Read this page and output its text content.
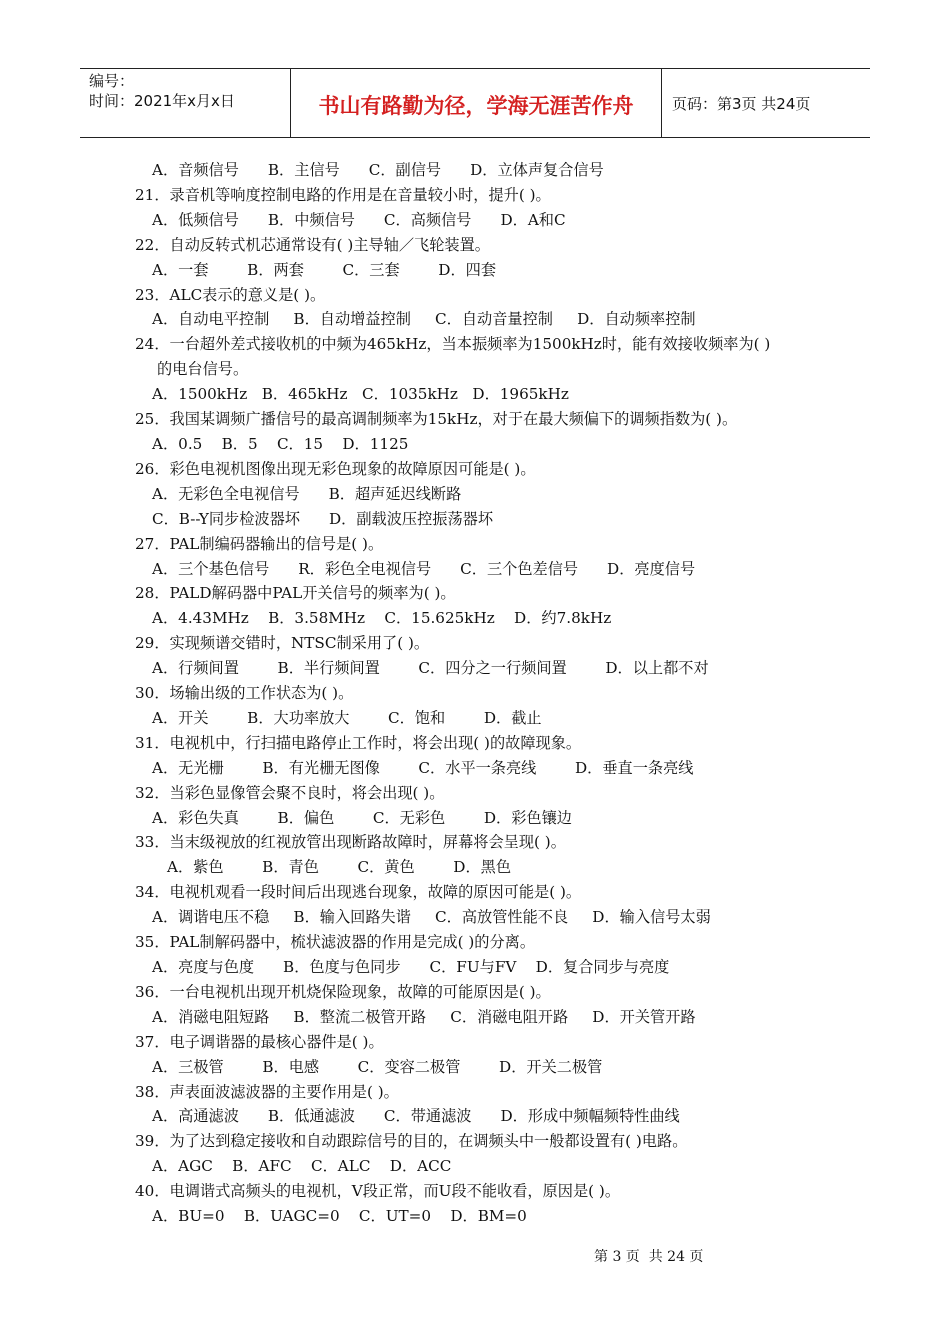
编号：
时间：2021年x月x日	书山有路勤为径，学海无涯苦作舟	页码：第3页 共24页
A．音频信号      B．主信号      C．副信号      D．立体声复合信号
21．录音机等响度控制电路的作用是在音量较小时，提升( )。
A．低频信号      B．中频信号      C．高频信号      D．A和C
22．自动反转式机芯通常设有( )主导轴／飞轮装置。
A．一套        B．两套        C．三套        D．四套
23．ALC表示的意义是( )。
A．自动电平控制     B．自动增益控制     C．自动音量控制     D．自动频率控制
24．一台超外差式接收机的中频为465kHz，当本振频率为1500kHz时，能有效接收频率为( )
的电台信号。
A．1500kHz   B．465kHz   C．1035kHz   D．1965kHz
25．我国某调频广播信号的最高调制频率为15kHz，对于在最大频偏下的调频指数为( )。
A．0.5    B．5    C．15    D．1125
26．彩色电视机图像出现无彩色现象的故障原因可能是( )。
A．无彩色全电视信号      B．超声延迟线断路
C．B--Y同步检波器坏      D．副载波压控振荡器坏
27．PAL制编码器输出的信号是( )。
A．三个基色信号      R．彩色全电视信号      C．三个色差信号      D．亮度信号
28．PALD解码器中PAL开关信号的频率为( )。
A．4.43MHz    B．3.58MHz    C．15.625kHz    D．约7.8kHz
29．实现频谱交错时，NTSC制采用了( )。
A．行频间置        B．半行频间置        C．四分之一行频间置        D．以上都不对
30．场输出级的工作状态为( )。
A．开关        B．大功率放大        C．饱和        D．截止
31．电视机中，行扫描电路停止工作时，将会出现( )的故障现象。
A．无光栅        B．有光栅无图像        C．水平一条亮线        D．垂直一条亮线
32．当彩色显像管会聚不良时，将会出现( )。
A．彩色失真        B．偏色        C．无彩色        D．彩色镶边
33．当末级视放的红视放管出现断路故障时，屏幕将会呈现( )。
A．紫色        B．青色        C．黄色        D．黑色
34．电视机观看一段时间后出现逃台现象，故障的原因可能是( )。
A．调谐电压不稳     B．输入回路失谐     C．高放管性能不良     D．输入信号太弱
35．PAL制解码器中，梳状滤波器的作用是完成( )的分离。
A．亮度与色度      B．色度与色同步      C．FU与FV    D．复合同步与亮度
36．一台电视机出现开机烧保险现象，故障的可能原因是( )。
A．消磁电阻短路     B．整流二极管开路     C．消磁电阻开路     D．开关管开路
37．电子调谐器的最核心器件是( )。
A．三极管        B．电感        C．变容二极管        D．开关二极管
38．声表面波滤波器的主要作用是( )。
A．高通滤波      B．低通滤波      C．带通滤波      D．形成中频幅频特性曲线
39．为了达到稳定接收和自动跟踪信号的目的，在调频头中一般都设置有( )电路。
A．AGC    B．AFC    C．ALC    D．ACC
40．电调谐式高频头的电视机，V段正常，而U段不能收看，原因是( )。
A．BU=0    B．UAGC=0    C．UT=0    D．BM=0
第 3 页  共 24 页
